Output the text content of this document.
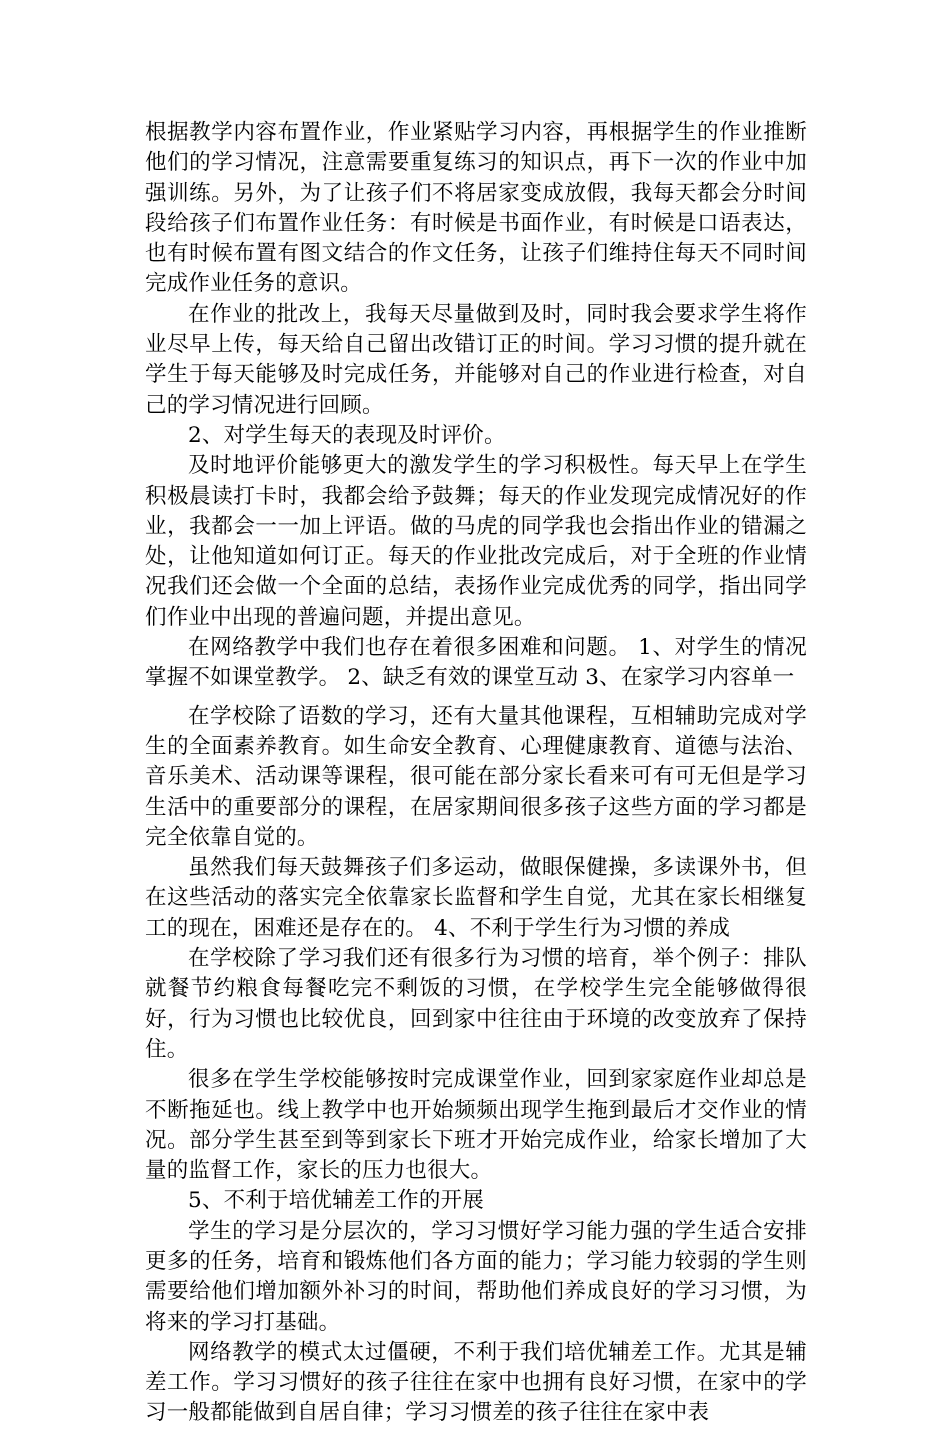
根据教学内容布置作业，作业紧贴学习内容，再根据学生的作业推断他们的学习情况，注意需要重复练习的知识点，再下一次的作业中加强训练。另外，为了让孩子们不将居家变成放假，我每天都会分时间段给孩子们布置作业任务：有时候是书面作业，有时候是口语表达，也有时候布置有图文结合的作文任务，让孩子们维持住每天不同时间完成作业任务的意识。

在作业的批改上，我每天尽量做到及时，同时我会要求学生将作业尽早上传，每天给自己留出改错订正的时间。学习习惯的提升就在学生于每天能够及时完成任务，并能够对自己的作业进行检查，对自己的学习情况进行回顾。

2、对学生每天的表现及时评价。

及时地评价能够更大的激发学生的学习积极性。每天早上在学生积极晨读打卡时，我都会给予鼓舞；每天的作业发现完成情况好的作业，我都会一一加上评语。做的马虎的同学我也会指出作业的错漏之处，让他知道如何订正。每天的作业批改完成后，对于全班的作业情况我们还会做一个全面的总结，表扬作业完成优秀的同学，指出同学们作业中出现的普遍问题，并提出意见。

在网络教学中我们也存在着很多困难和问题。 1、对学生的情况掌握不如课堂教学。 2、缺乏有效的课堂互动 3、在家学习内容单一

在学校除了语数的学习，还有大量其他课程，互相辅助完成对学生的全面素养教育。如生命安全教育、心理健康教育、道德与法治、音乐美术、活动课等课程，很可能在部分家长看来可有可无但是学习生活中的重要部分的课程，在居家期间很多孩子这些方面的学习都是完全依靠自觉的。

虽然我们每天鼓舞孩子们多运动，做眼保健操，多读课外书，但在这些活动的落实完全依靠家长监督和学生自觉，尤其在家长相继复工的现在，困难还是存在的。 4、不利于学生行为习惯的养成

在学校除了学习我们还有很多行为习惯的培育，举个例子：排队就餐节约粮食每餐吃完不剩饭的习惯，在学校学生完全能够做得很好，行为习惯也比较优良，回到家中往往由于环境的改变放弃了保持住。

很多在学生学校能够按时完成课堂作业，回到家家庭作业却总是不断拖延也。线上教学中也开始频频出现学生拖到最后才交作业的情况。部分学生甚至到等到家长下班才开始完成作业，给家长增加了大量的监督工作，家长的压力也很大。

5、不利于培优辅差工作的开展

学生的学习是分层次的，学习习惯好学习能力强的学生适合安排更多的任务，培育和锻炼他们各方面的能力；学习能力较弱的学生则需要给他们增加额外补习的时间，帮助他们养成良好的学习习惯，为将来的学习打基础。

网络教学的模式太过僵硬，不利于我们培优辅差工作。尤其是辅差工作。学习习惯好的孩子往往在家中也拥有良好习惯，在家中的学习一般都能做到自居自律；学习习惯差的孩子往往在家中表
